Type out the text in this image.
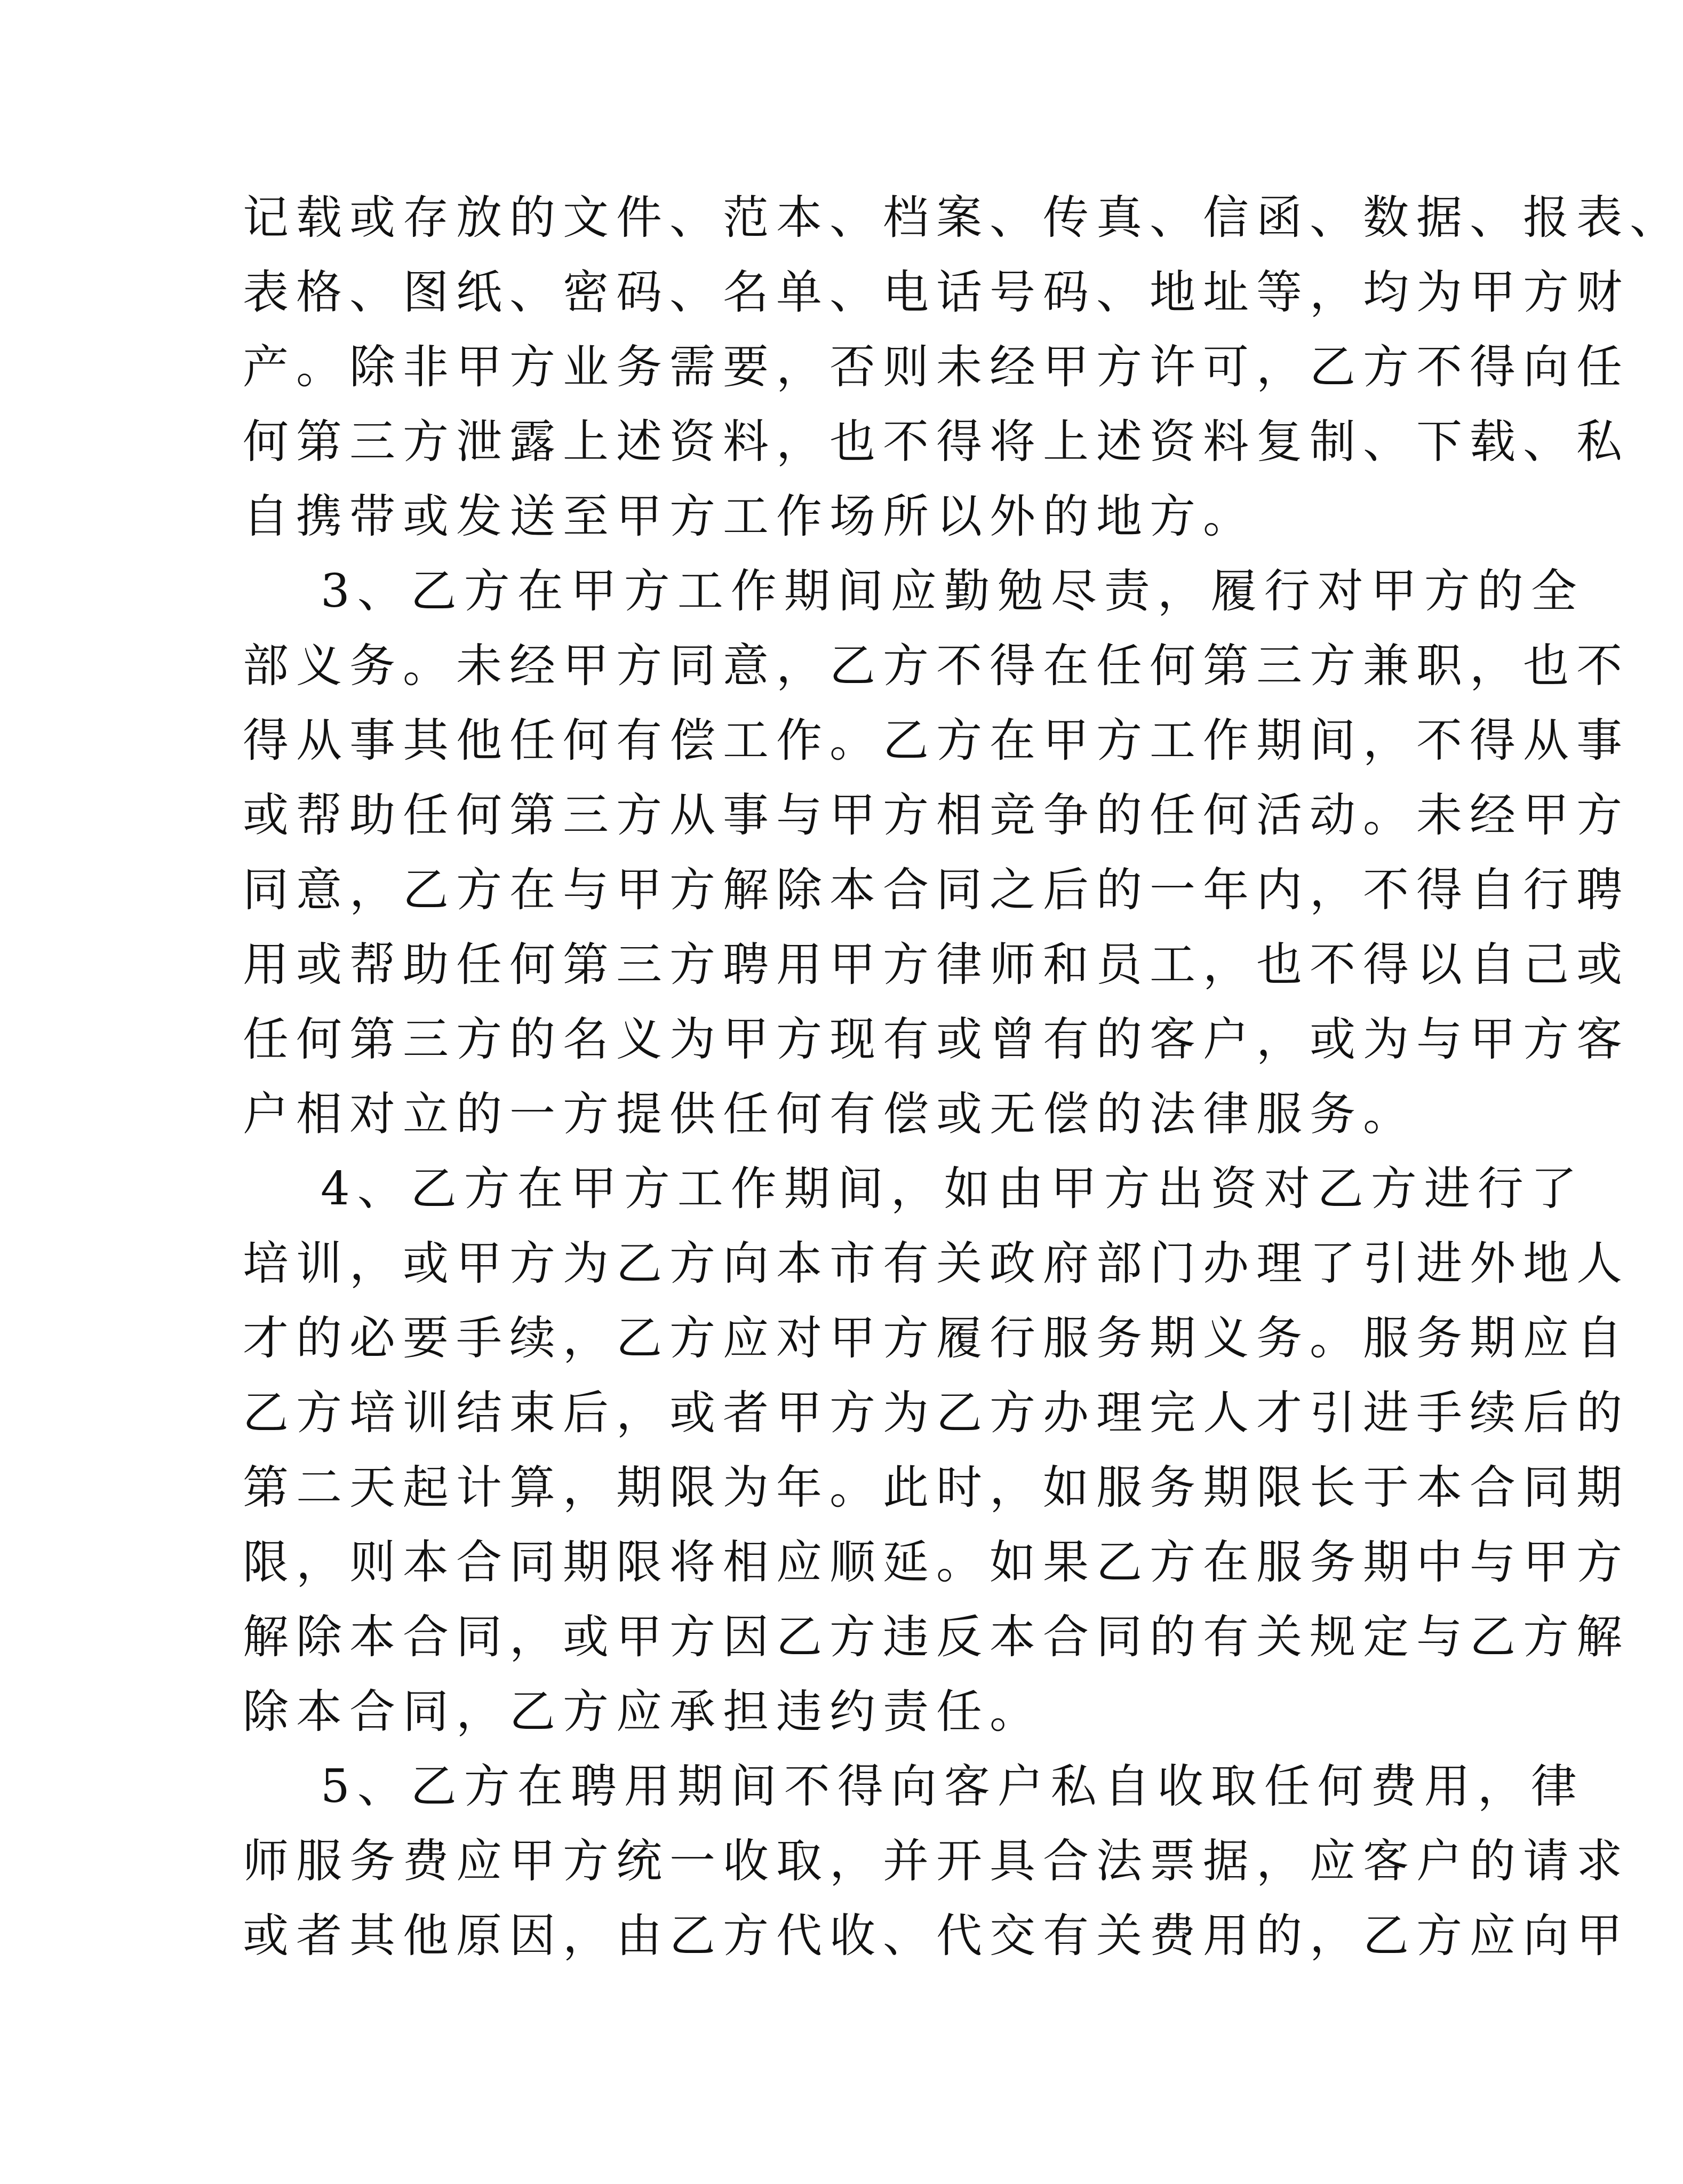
记载或存放的文件、范本、档案、传真、信函、数据、报表、
表格、图纸、密码、名单、电话号码、地址等，均为甲方财
产。除非甲方业务需要，否则未经甲方许可，乙方不得向任
何第三方泄露上述资料，也不得将上述资料复制、下载、私
自携带或发送至甲方工作场所以外的地方。
3、乙方在甲方工作期间应勤勉尽责，履行对甲方的全
部义务。未经甲方同意，乙方不得在任何第三方兼职，也不
得从事其他任何有偿工作。乙方在甲方工作期间，不得从事
或帮助任何第三方从事与甲方相竞争的任何活动。未经甲方
同意，乙方在与甲方解除本合同之后的一年内，不得自行聘
用或帮助任何第三方聘用甲方律师和员工，也不得以自己或
任何第三方的名义为甲方现有或曾有的客户，或为与甲方客
户相对立的一方提供任何有偿或无偿的法律服务。
4、乙方在甲方工作期间，如由甲方出资对乙方进行了
培训，或甲方为乙方向本市有关政府部门办理了引进外地人
才的必要手续，乙方应对甲方履行服务期义务。服务期应自
乙方培训结束后，或者甲方为乙方办理完人才引进手续后的
第二天起计算，期限为年。此时，如服务期限长于本合同期
限，则本合同期限将相应顺延。如果乙方在服务期中与甲方
解除本合同，或甲方因乙方违反本合同的有关规定与乙方解
除本合同，乙方应承担违约责任。
5、乙方在聘用期间不得向客户私自收取任何费用，律
师服务费应甲方统一收取，并开具合法票据，应客户的请求
或者其他原因，由乙方代收、代交有关费用的，乙方应向甲
